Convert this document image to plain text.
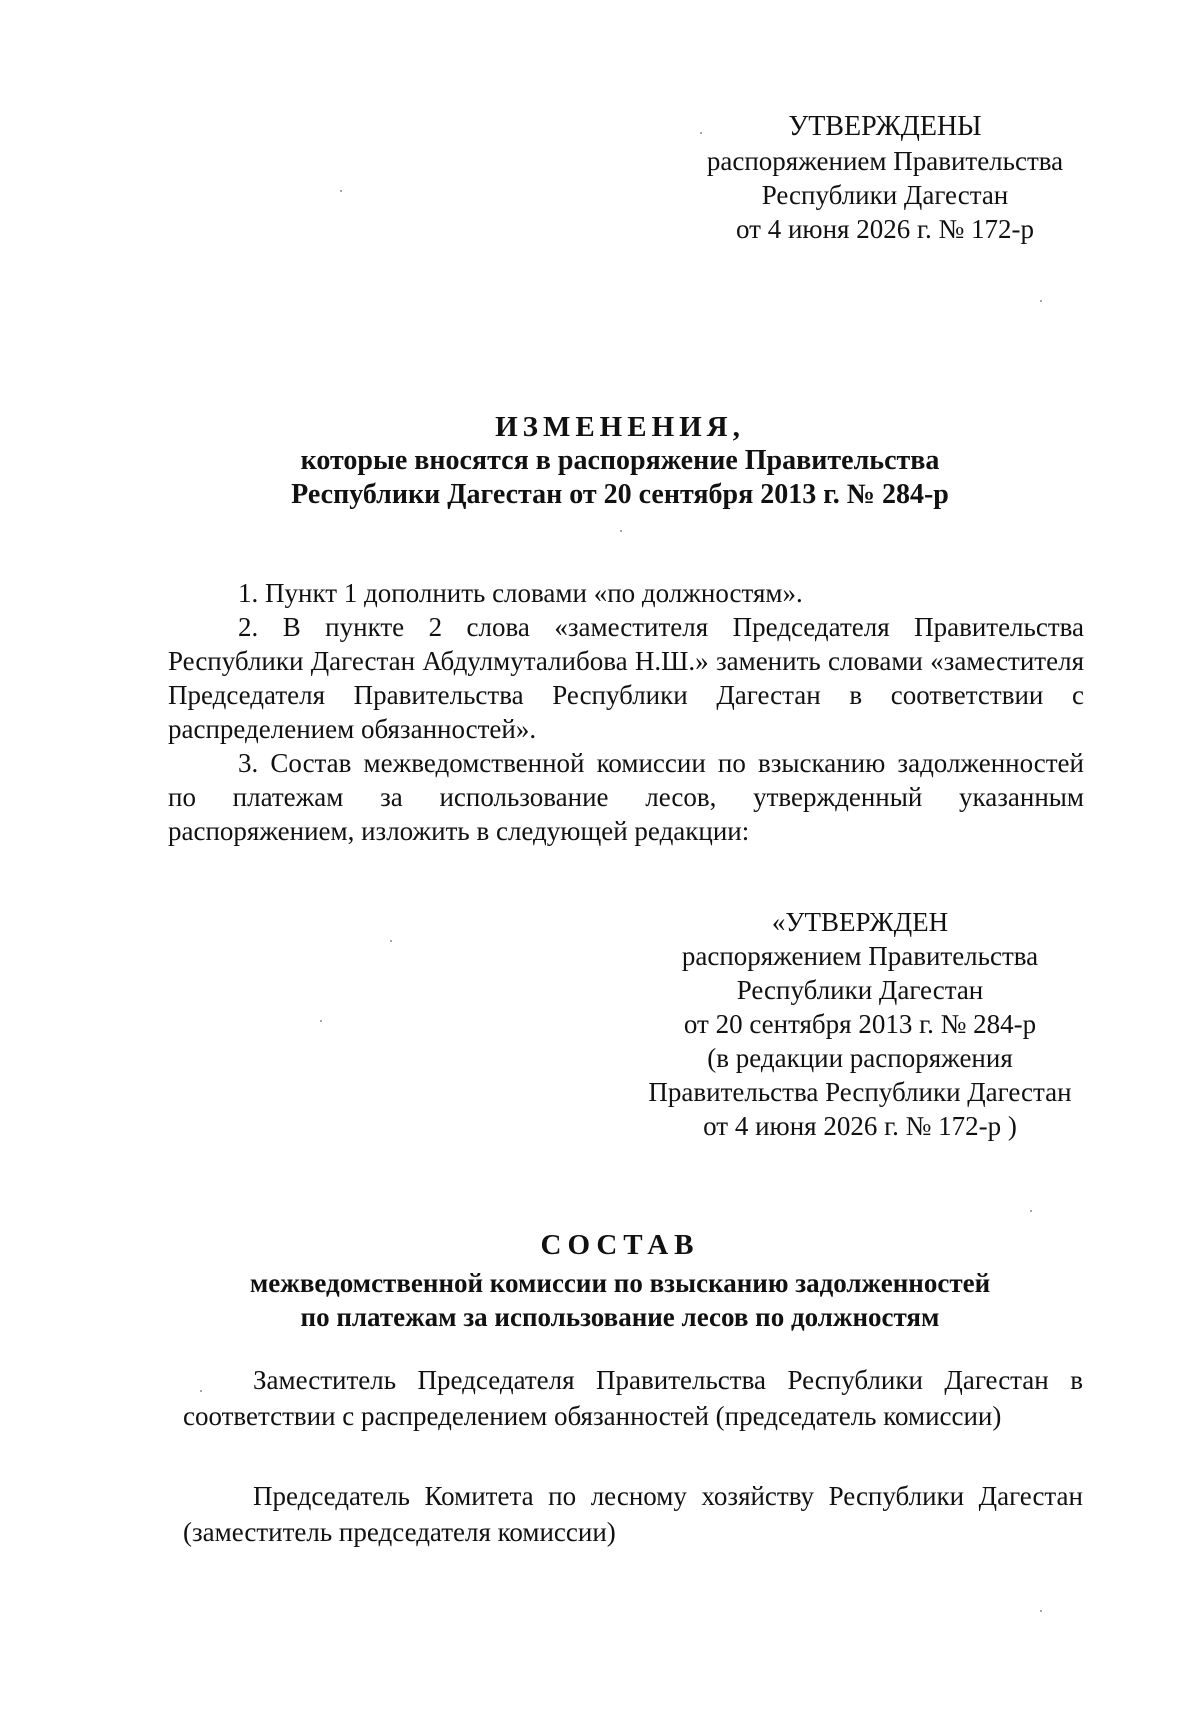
УТВЕРЖДЕНЫ
распоряжением Правительства
Республики Дагестан
от 4 июня 2026 г. № 172-р
ИЗМЕНЕНИЯ,
которые вносятся в распоряжение Правительства
Республики Дагестан от 20 сентября 2013 г. № 284-р

1. Пункт 1 дополнить словами «по должностям».

2. В пункте 2 слова «заместителя Председателя Правительства Республики Дагестан Абдулмуталибова Н.Ш.» заменить словами «заместителя Председателя Правительства Республики Дагестан в соответствии с распределением обязанностей».

3. Состав межведомственной комиссии по взысканию задолженностей по платежам за использование лесов, утвержденный указанным распоряжением, изложить в следующей редакции:

«УТВЕРЖДЕН
распоряжением Правительства
Республики Дагестан
от 20 сентября 2013 г. № 284-р
(в редакции распоряжения
Правительства Республики Дагестан
от 4 июня 2026 г. № 172-р )
СОСТАВ
межведомственной комиссии по взысканию задолженностей
по платежам за использование лесов по должностям

Заместитель Председателя Правительства Республики Дагестан в соответствии с распределением обязанностей (председатель комиссии)

Председатель Комитета по лесному хозяйству Республики Дагестан (заместитель председателя комиссии)
